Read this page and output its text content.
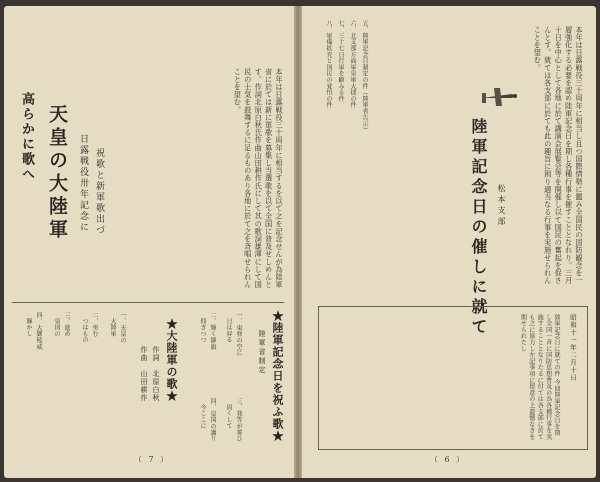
高らかに歌へ 天皇の大陸軍 日露戦役卅年記念に 祝歌と新軍歌出づ	本年は日露戦役三十周年に相当するを以て之を記念せんが為陸軍省に於ては新に軍歌を募集し当選歌を以て全国に普及せしめんとす。作詞北原白秋氏作曲山田耕作氏にして其の歌詞雄渾にして国民の士気を鼓舞するに足るものあり各地に於て之を斉唱せられんことを望む。
★陸軍記念日を祝ふ歌★
陸軍省制定
一、東亜の空に
日は昇る
二、輝く御旗
仰ぎつつ
三、我等が誓ひ
固くして
四、皇国の護り
今ここに
★大陸軍の歌★
作詞　北原白秋
作曲　山田耕作
一、天皇の
大陸軍
二、勇む
つはもの
三、進め
皇国の
四、大御稜威
輝かし
（ 7 ）
五、陸軍記念日制定の件（陸軍省告示）
六、北支那方面軍皇軍大捷の件
七、三十七日行軍を顧みる件
八、軍備拡充と国民の覚悟の件
陸軍記念日の催しに就て 松本支部	本年は日露戦役三十周年に相当し且つ国際情勢に鑑み全国民の国防観念を一層強化する必要を認め陸軍記念日を期し各種行事を催すこととなれり。三月十日を中心として各地に於て講演会展覧会等を開催し以て国民の奮起を促さんとす。就ては各支部に於ても此の趣旨に則り適当なる行事を実施せられんことを望む。
昭和十一年二月十日
陸軍記念日に就ての件 今回陸軍記念日を期し全国一斉に国防思想普及の為各種行事を実施することとなりたるに付ては各支部に於ても之に協力し左記事項に留意の上遺憾なきを期せられたし
（ 6 ）
